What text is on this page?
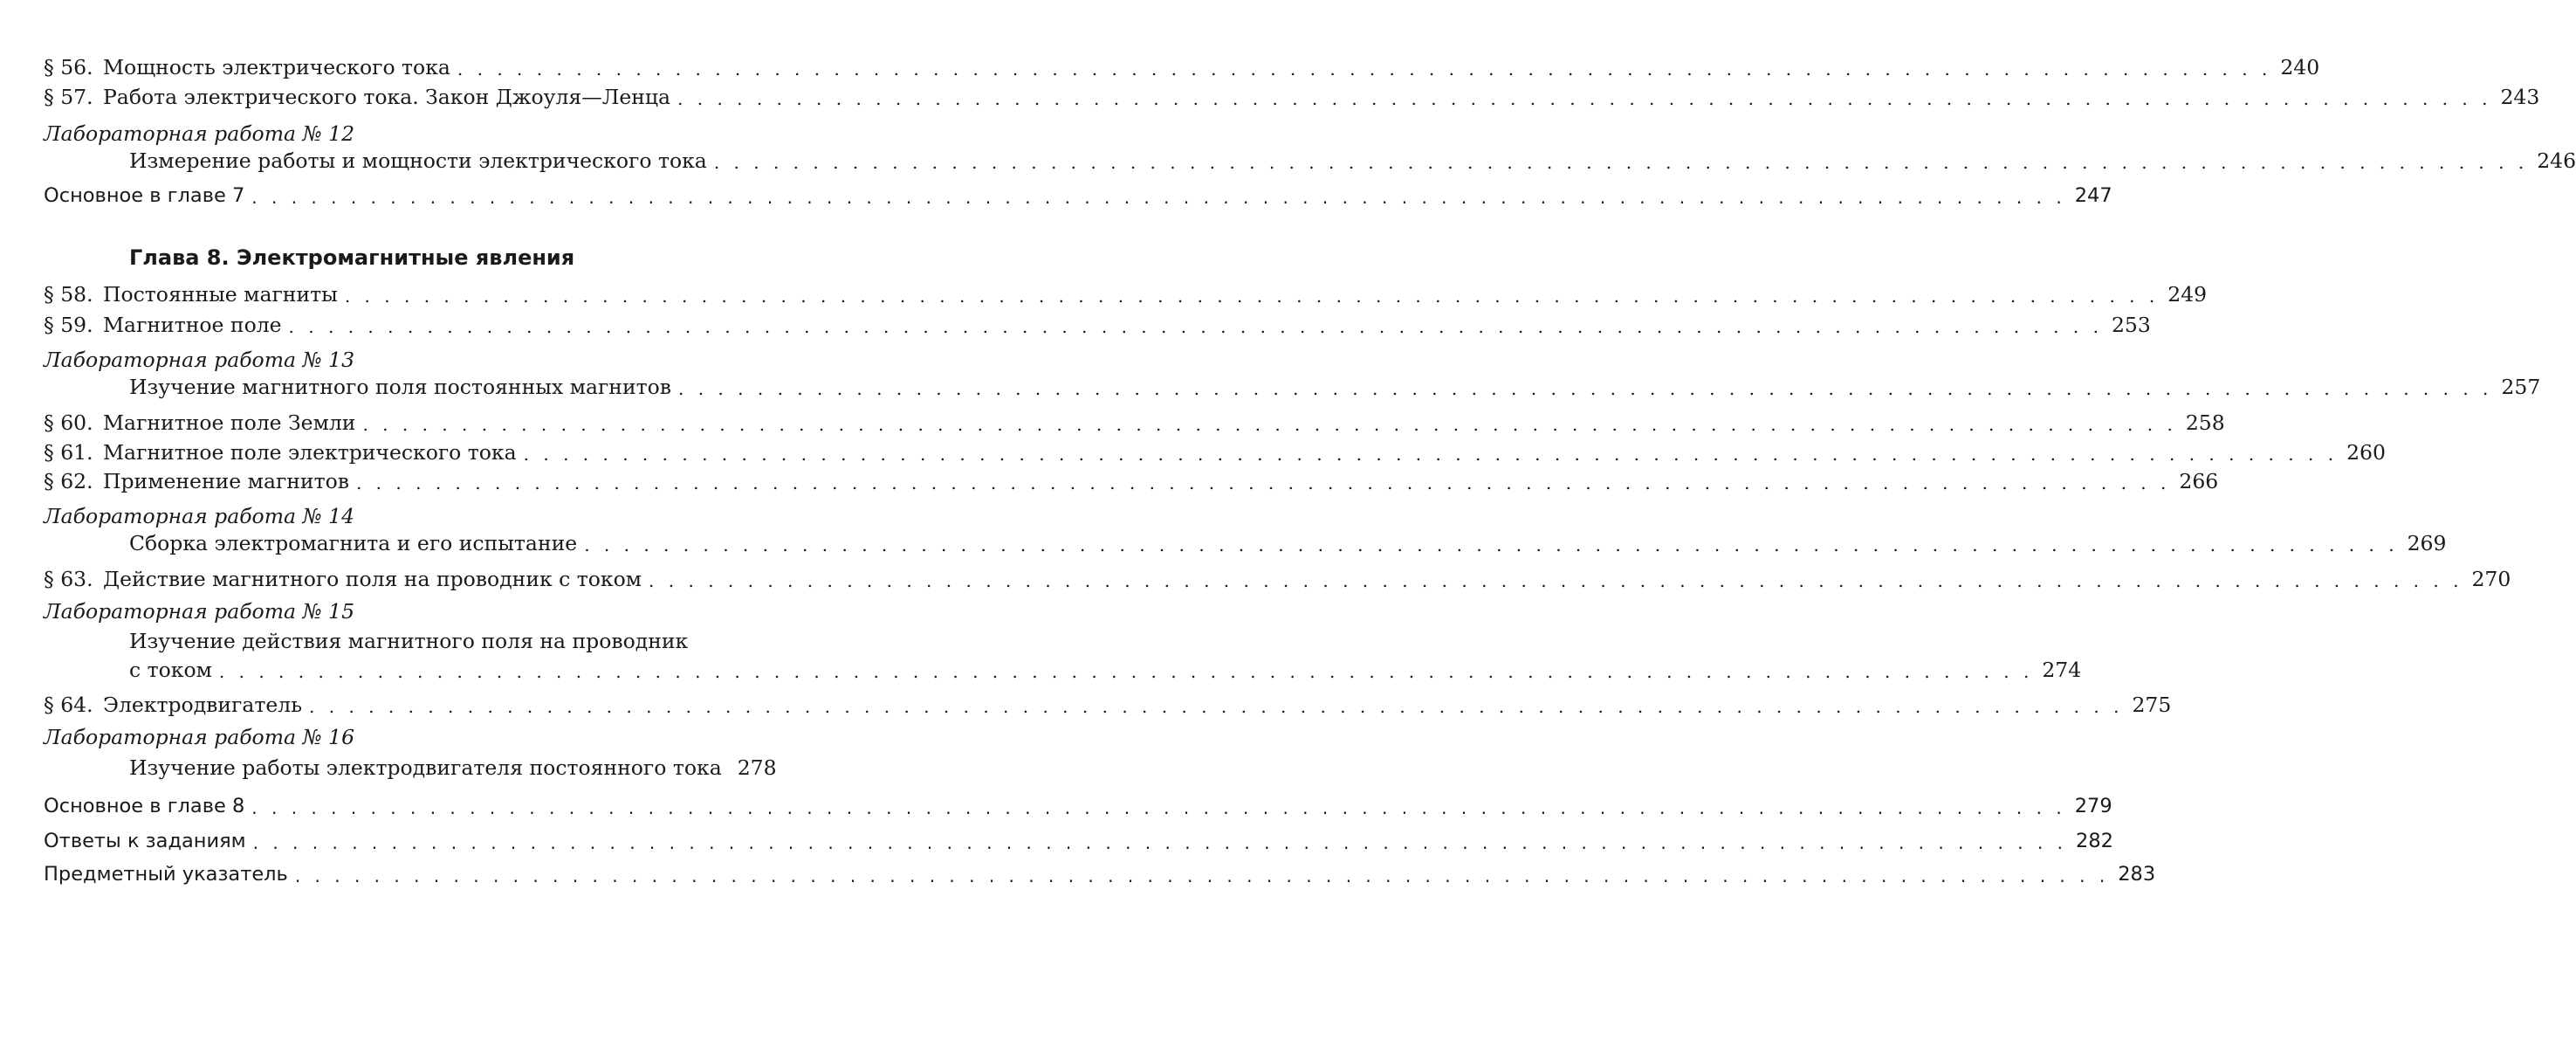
§ 56. Мощность электрического тока . . . . . . . . . . . . . . . . . . . . . . . . . . . . . . . . . . . . . . . . . . . . . . . . . . . . . . . . . . . . . . . . . . . . . . . . . . . . . . . . . . . . . . . . . . . . 240
§ 57. Работа электрического тока. Закон Джоуля—Ленца . . . . . . . . . . . . . . . . . . . . . . . . . . . . . . . . . . . . . . . . . . . . . . . . . . . . . . . . . . . . . . . . . . . . . . . . . . . . . . . . . . . . . . . . . . . . 243
Лабораторная работа № 12
Измерение работы и мощности электрического тока . . . . . . . . . . . . . . . . . . . . . . . . . . . . . . . . . . . . . . . . . . . . . . . . . . . . . . . . . . . . . . . . . . . . . . . . . . . . . . . . . . . . . . . . . . . . 246
Основное в главе 7 . . . . . . . . . . . . . . . . . . . . . . . . . . . . . . . . . . . . . . . . . . . . . . . . . . . . . . . . . . . . . . . . . . . . . . . . . . . . . . . . . . . . . . . . . . . . 247
Глава 8. Электромагнитные явления
§ 58. Постоянные магниты . . . . . . . . . . . . . . . . . . . . . . . . . . . . . . . . . . . . . . . . . . . . . . . . . . . . . . . . . . . . . . . . . . . . . . . . . . . . . . . . . . . . . . . . . . . . 249
§ 59. Магнитное поле . . . . . . . . . . . . . . . . . . . . . . . . . . . . . . . . . . . . . . . . . . . . . . . . . . . . . . . . . . . . . . . . . . . . . . . . . . . . . . . . . . . . . . . . . . . . 253
Лабораторная работа № 13
Изучение магнитного поля постоянных магнитов . . . . . . . . . . . . . . . . . . . . . . . . . . . . . . . . . . . . . . . . . . . . . . . . . . . . . . . . . . . . . . . . . . . . . . . . . . . . . . . . . . . . . . . . . . . . 257
§ 60. Магнитное поле Земли . . . . . . . . . . . . . . . . . . . . . . . . . . . . . . . . . . . . . . . . . . . . . . . . . . . . . . . . . . . . . . . . . . . . . . . . . . . . . . . . . . . . . . . . . . . . 258
§ 61. Магнитное поле электрического тока . . . . . . . . . . . . . . . . . . . . . . . . . . . . . . . . . . . . . . . . . . . . . . . . . . . . . . . . . . . . . . . . . . . . . . . . . . . . . . . . . . . . . . . . . . . . 260
§ 62. Применение магнитов . . . . . . . . . . . . . . . . . . . . . . . . . . . . . . . . . . . . . . . . . . . . . . . . . . . . . . . . . . . . . . . . . . . . . . . . . . . . . . . . . . . . . . . . . . . . 266
Лабораторная работа № 14
Сборка электромагнита и его испытание . . . . . . . . . . . . . . . . . . . . . . . . . . . . . . . . . . . . . . . . . . . . . . . . . . . . . . . . . . . . . . . . . . . . . . . . . . . . . . . . . . . . . . . . . . . . 269
§ 63. Действие магнитного поля на проводник с током . . . . . . . . . . . . . . . . . . . . . . . . . . . . . . . . . . . . . . . . . . . . . . . . . . . . . . . . . . . . . . . . . . . . . . . . . . . . . . . . . . . . . . . . . . . . 270
Лабораторная работа № 15
Изучение действия магнитного поля на проводник
с током . . . . . . . . . . . . . . . . . . . . . . . . . . . . . . . . . . . . . . . . . . . . . . . . . . . . . . . . . . . . . . . . . . . . . . . . . . . . . . . . . . . . . . . . . . . . 274
§ 64. Электродвигатель . . . . . . . . . . . . . . . . . . . . . . . . . . . . . . . . . . . . . . . . . . . . . . . . . . . . . . . . . . . . . . . . . . . . . . . . . . . . . . . . . . . . . . . . . . . . 275
Лабораторная работа № 16
Изучение работы электродвигателя постоянного тока 278
Основное в главе 8 . . . . . . . . . . . . . . . . . . . . . . . . . . . . . . . . . . . . . . . . . . . . . . . . . . . . . . . . . . . . . . . . . . . . . . . . . . . . . . . . . . . . . . . . . . . . 279
Ответы к заданиям . . . . . . . . . . . . . . . . . . . . . . . . . . . . . . . . . . . . . . . . . . . . . . . . . . . . . . . . . . . . . . . . . . . . . . . . . . . . . . . . . . . . . . . . . . . . 282
Предметный указатель . . . . . . . . . . . . . . . . . . . . . . . . . . . . . . . . . . . . . . . . . . . . . . . . . . . . . . . . . . . . . . . . . . . . . . . . . . . . . . . . . . . . . . . . . . . . 283
